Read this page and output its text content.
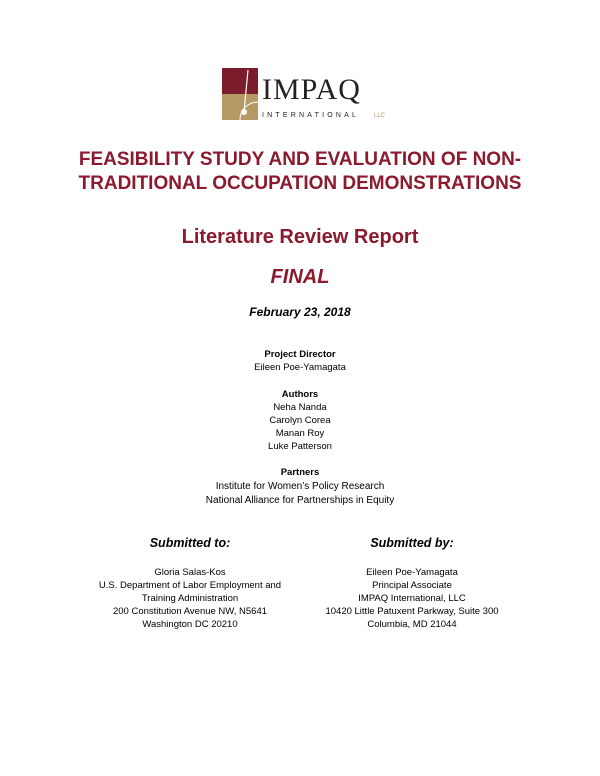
IMPAQ
INTERNATIONAL LLC
FEASIBILITY STUDY AND EVALUATION OF NON-
TRADITIONAL OCCUPATION DEMONSTRATIONS
Literature Review Report
FINAL
February 23, 2018
Project Director
Eileen Poe-Yamagata
Authors
Neha Nanda
Carolyn Corea
Manan Roy
Luke Patterson
Partners
Institute for Women’s Policy Research
National Alliance for Partnerships in Equity
Submitted to:
Gloria Salas-Kos
U.S. Department of Labor Employment and
Training Administration
200 Constitution Avenue NW, N5641
Washington DC 20210
Submitted by:
Eileen Poe-Yamagata
Principal Associate
IMPAQ International, LLC
10420 Little Patuxent Parkway, Suite 300
Columbia, MD 21044
